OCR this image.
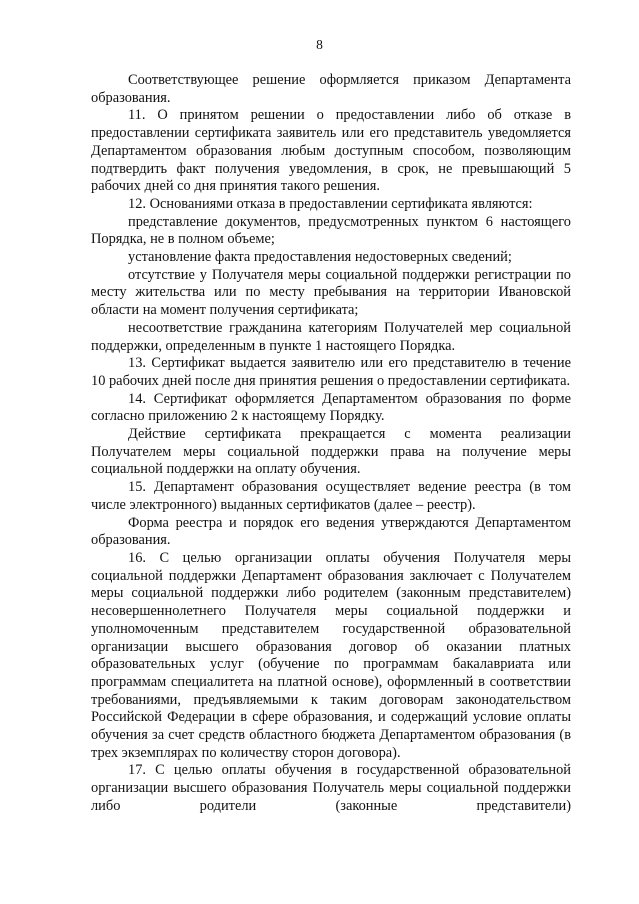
8

Соответствующее решение оформляется приказом Департамента образования.

11. О принятом решении о предоставлении либо об отказе в предоставлении сертификата заявитель или его представитель уведомляется Департаментом образования любым доступным способом, позволяющим подтвердить факт получения уведомления, в срок, не превышающий 5 рабочих дней со дня принятия такого решения.

12. Основаниями отказа в предоставлении сертификата являются:

представление документов, предусмотренных пунктом 6 настоящего Порядка, не в полном объеме;

установление факта предоставления недостоверных сведений;

отсутствие у Получателя меры социальной поддержки регистрации по месту жительства или по месту пребывания на территории Ивановской области на момент получения сертификата;

несоответствие гражданина категориям Получателей мер социальной поддержки, определенным в пункте 1 настоящего Порядка.

13. Сертификат выдается заявителю или его представителю в течение 10 рабочих дней после дня принятия решения о предоставлении сертификата.

14. Сертификат оформляется Департаментом образования по форме согласно приложению 2 к настоящему Порядку.

Действие сертификата прекращается с момента реализации Получателем меры социальной поддержки права на получение меры социальной поддержки на оплату обучения.

15. Департамент образования осуществляет ведение реестра (в том числе электронного) выданных сертификатов (далее – реестр).

Форма реестра и порядок его ведения утверждаются Департаментом образования.

16. С целью организации оплаты обучения Получателя меры социальной поддержки Департамент образования заключает с Получателем меры социальной поддержки либо родителем (законным представителем) несовершеннолетнего Получателя меры социальной поддержки и уполномоченным представителем государственной образовательной организации высшего образования договор об оказании платных образовательных услуг (обучение по программам бакалавриата или программам специалитета на платной основе), оформленный в соответствии требованиями, предъявляемыми к таким договорам законодательством Российской Федерации в сфере образования, и содержащий условие оплаты обучения за счет средств областного бюджета Департаментом образования (в трех экземплярах по количеству сторон договора).

17. С целью оплаты обучения в государственной образовательной организации высшего образования Получатель меры социальной поддержки либо родители (законные представители)
